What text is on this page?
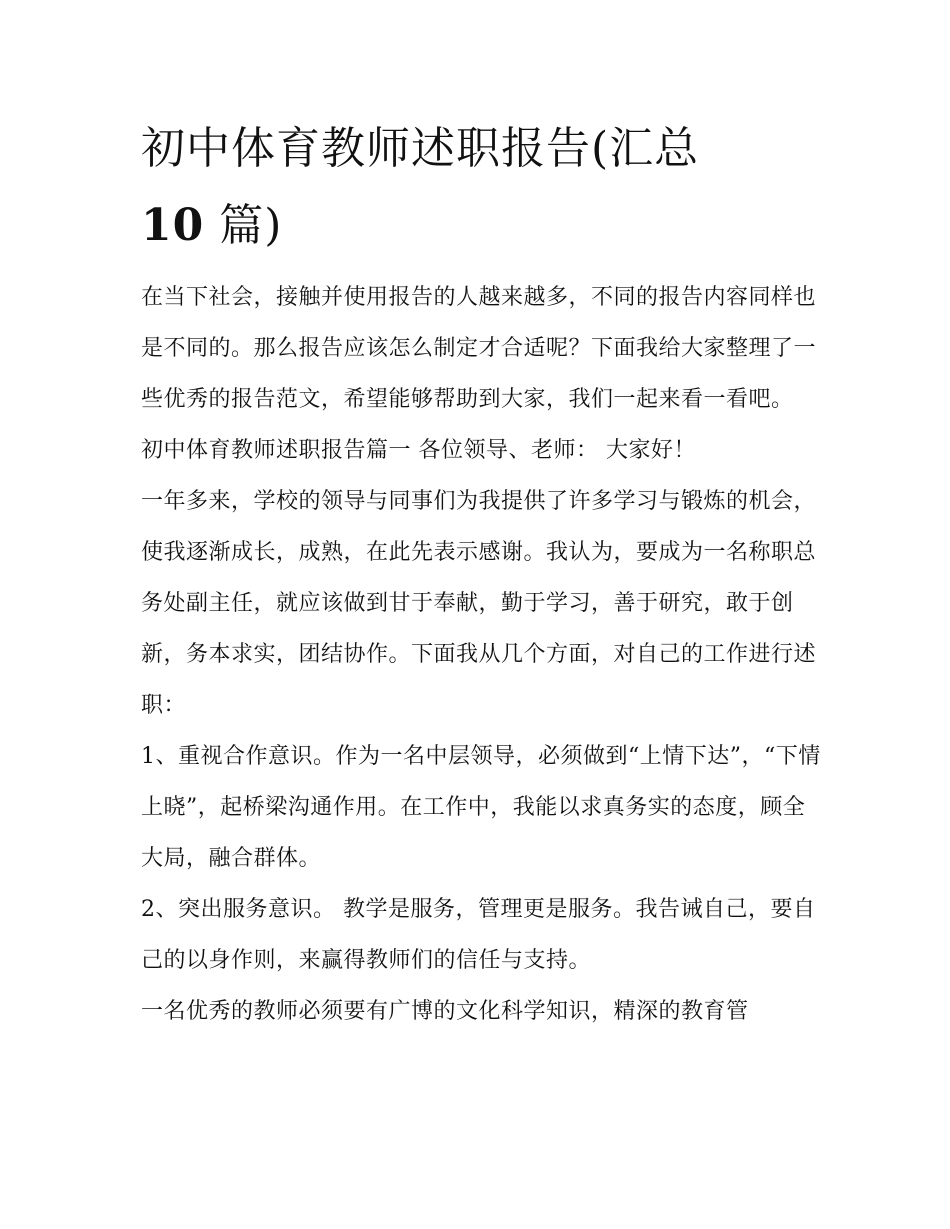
初中体育教师述职报告(汇总
10 篇)

在当下社会，接触并使用报告的人越来越多，不同的报告内容同样也是不同的。那么报告应该怎么制定才合适呢？下面我给大家整理了一些优秀的报告范文，希望能够帮助到大家，我们一起来看一看吧。

初中体育教师述职报告篇一 各位领导、老师： 大家好！

一年多来，学校的领导与同事们为我提供了许多学习与锻炼的机会，使我逐渐成长，成熟，在此先表示感谢。我认为，要成为一名称职总务处副主任，就应该做到甘于奉献，勤于学习，善于研究，敢于创新，务本求实，团结协作。下面我从几个方面，对自己的工作进行述职：

1、重视合作意识。作为一名中层领导，必须做到“上情下达”，“下情上晓”，起桥梁沟通作用。在工作中，我能以求真务实的态度，顾全大局，融合群体。

2、突出服务意识。 教学是服务，管理更是服务。我告诫自己，要自己的以身作则，来赢得教师们的信任与支持。

一名优秀的教师必须要有广博的文化科学知识，精深的教育管
